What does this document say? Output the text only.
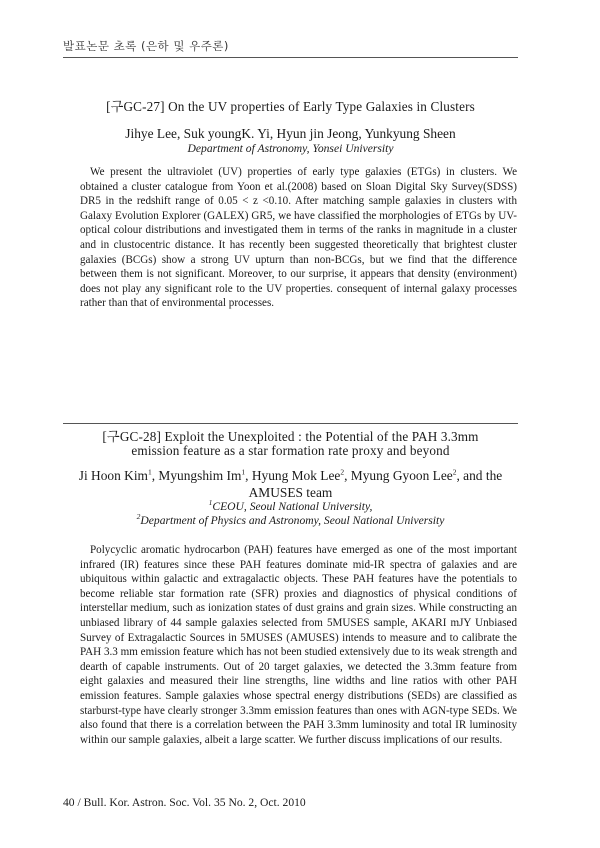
발표논문 초록 (은하 및 우주론)
[구GC-27] On the UV properties of Early Type Galaxies in Clusters
Jihye Lee, Suk youngK. Yi, Hyun jin Jeong, Yunkyung Sheen
Department of Astronomy, Yonsei University

We present the ultraviolet (UV) properties of early type galaxies (ETGs) in clusters. We obtained a cluster catalogue from Yoon et al.(2008) based on Sloan Digital Sky Survey(SDSS) DR5 in the redshift range of 0.05 < z <0.10. After matching sample galaxies in clusters with Galaxy Evolution Explorer (GALEX) GR5, we have classified the morphologies of ETGs by UV-optical colour distributions and investigated them in terms of the ranks in magnitude in a cluster and in clustocentric distance. It has recently been suggested theoretically that brightest cluster galaxies (BCGs) show a strong UV upturn than non-BCGs, but we find that the difference between them is not significant. Moreover, to our surprise, it appears that density (environment) does not play any significant role to the UV properties. consequent of internal galaxy processes rather than that of environmental processes.

[구GC-28] Exploit the Unexploited : the Potential of the PAH 3.3mm
emission feature as a star formation rate proxy and beyond
Ji Hoon Kim$^1$, Myungshim Im$^1$, Hyung Mok Lee$^2$, Myung Gyoon Lee$^2$, and the
AMUSES team
$^1$CEOU, Seoul National University,
$^2$Department of Physics and Astronomy, Seoul National University

Polycyclic aromatic hydrocarbon (PAH) features have emerged as one of the most important infrared (IR) features since these PAH features dominate mid-IR spectra of galaxies and are ubiquitous within galactic and extragalactic objects. These PAH features have the potentials to become reliable star formation rate (SFR) proxies and diagnostics of physical conditions of interstellar medium, such as ionization states of dust grains and grain sizes. While constructing an unbiased library of 44 sample galaxies selected from 5MUSES sample, AKARI mJY Unbiased Survey of Extragalactic Sources in 5MUSES (AMUSES) intends to measure and to calibrate the PAH 3.3 mm emission feature which has not been studied extensively due to its weak strength and dearth of capable instruments. Out of 20 target galaxies, we detected the 3.3mm feature from eight galaxies and measured their line strengths, line widths and line ratios with other PAH emission features. Sample galaxies whose spectral energy distributions (SEDs) are classified as starburst-type have clearly stronger 3.3mm emission features than ones with AGN-type SEDs. We also found that there is a correlation between the PAH 3.3mm luminosity and total IR luminosity within our sample galaxies, albeit a large scatter. We further discuss implications of our results.

40 / Bull. Kor. Astron. Soc. Vol. 35 No. 2, Oct. 2010
